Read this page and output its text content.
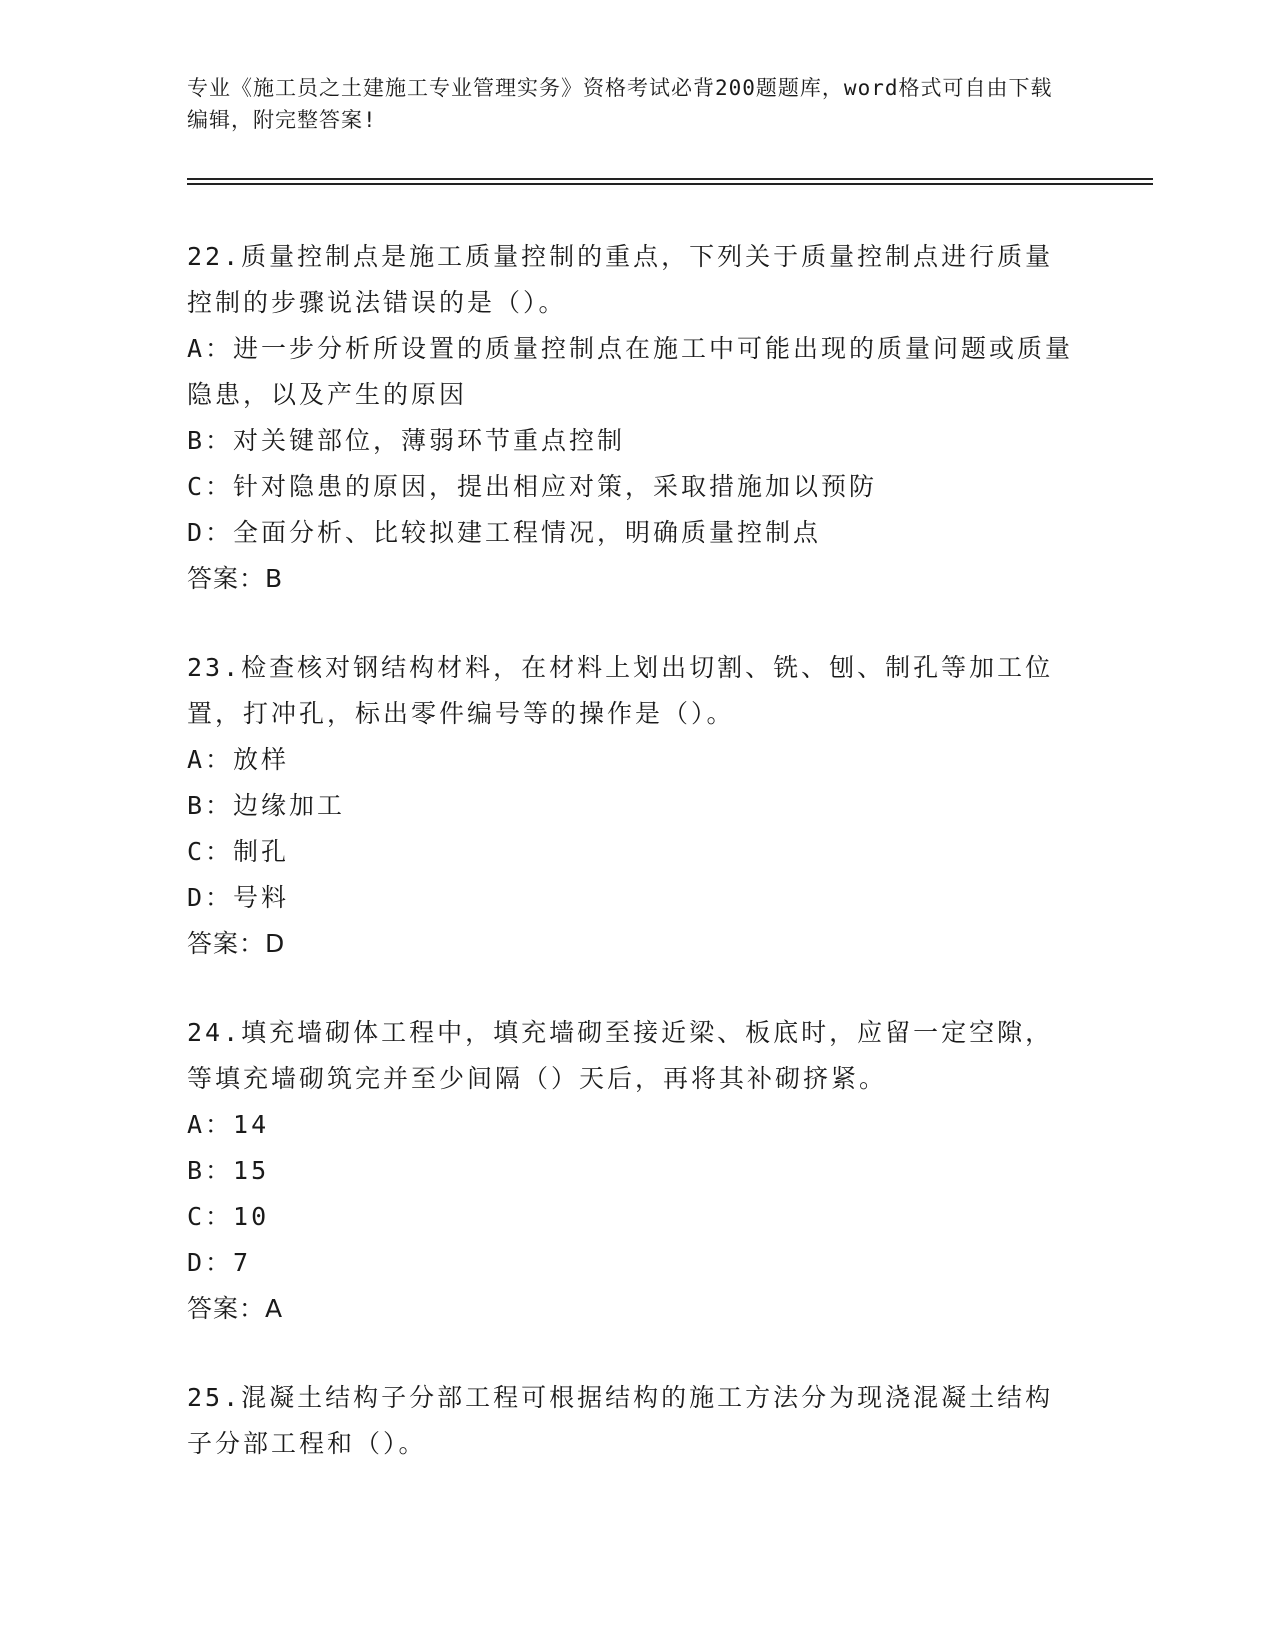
专业《施工员之土建施工专业管理实务》资格考试必背200题题库，word格式可自由下载编辑，附完整答案!
22.质量控制点是施工质量控制的重点，下列关于质量控制点进行质量控制的步骤说法错误的是（）。
A：进一步分析所设置的质量控制点在施工中可能出现的质量问题或质量隐患，以及产生的原因
B：对关键部位，薄弱环节重点控制
C：针对隐患的原因，提出相应对策，采取措施加以预防
D：全面分析、比较拟建工程情况，明确质量控制点
答案：B
23.检查核对钢结构材料，在材料上划出切割、铣、刨、制孔等加工位置，打冲孔，标出零件编号等的操作是（）。
A：放样
B：边缘加工
C：制孔
D：号料
答案：D
24.填充墙砌体工程中，填充墙砌至接近梁、板底时，应留一定空隙，等填充墙砌筑完并至少间隔（）天后，再将其补砌挤紧。
A：14
B：15
C：10
D：7
答案：A
25.混凝土结构子分部工程可根据结构的施工方法分为现浇混凝土结构子分部工程和（）。
